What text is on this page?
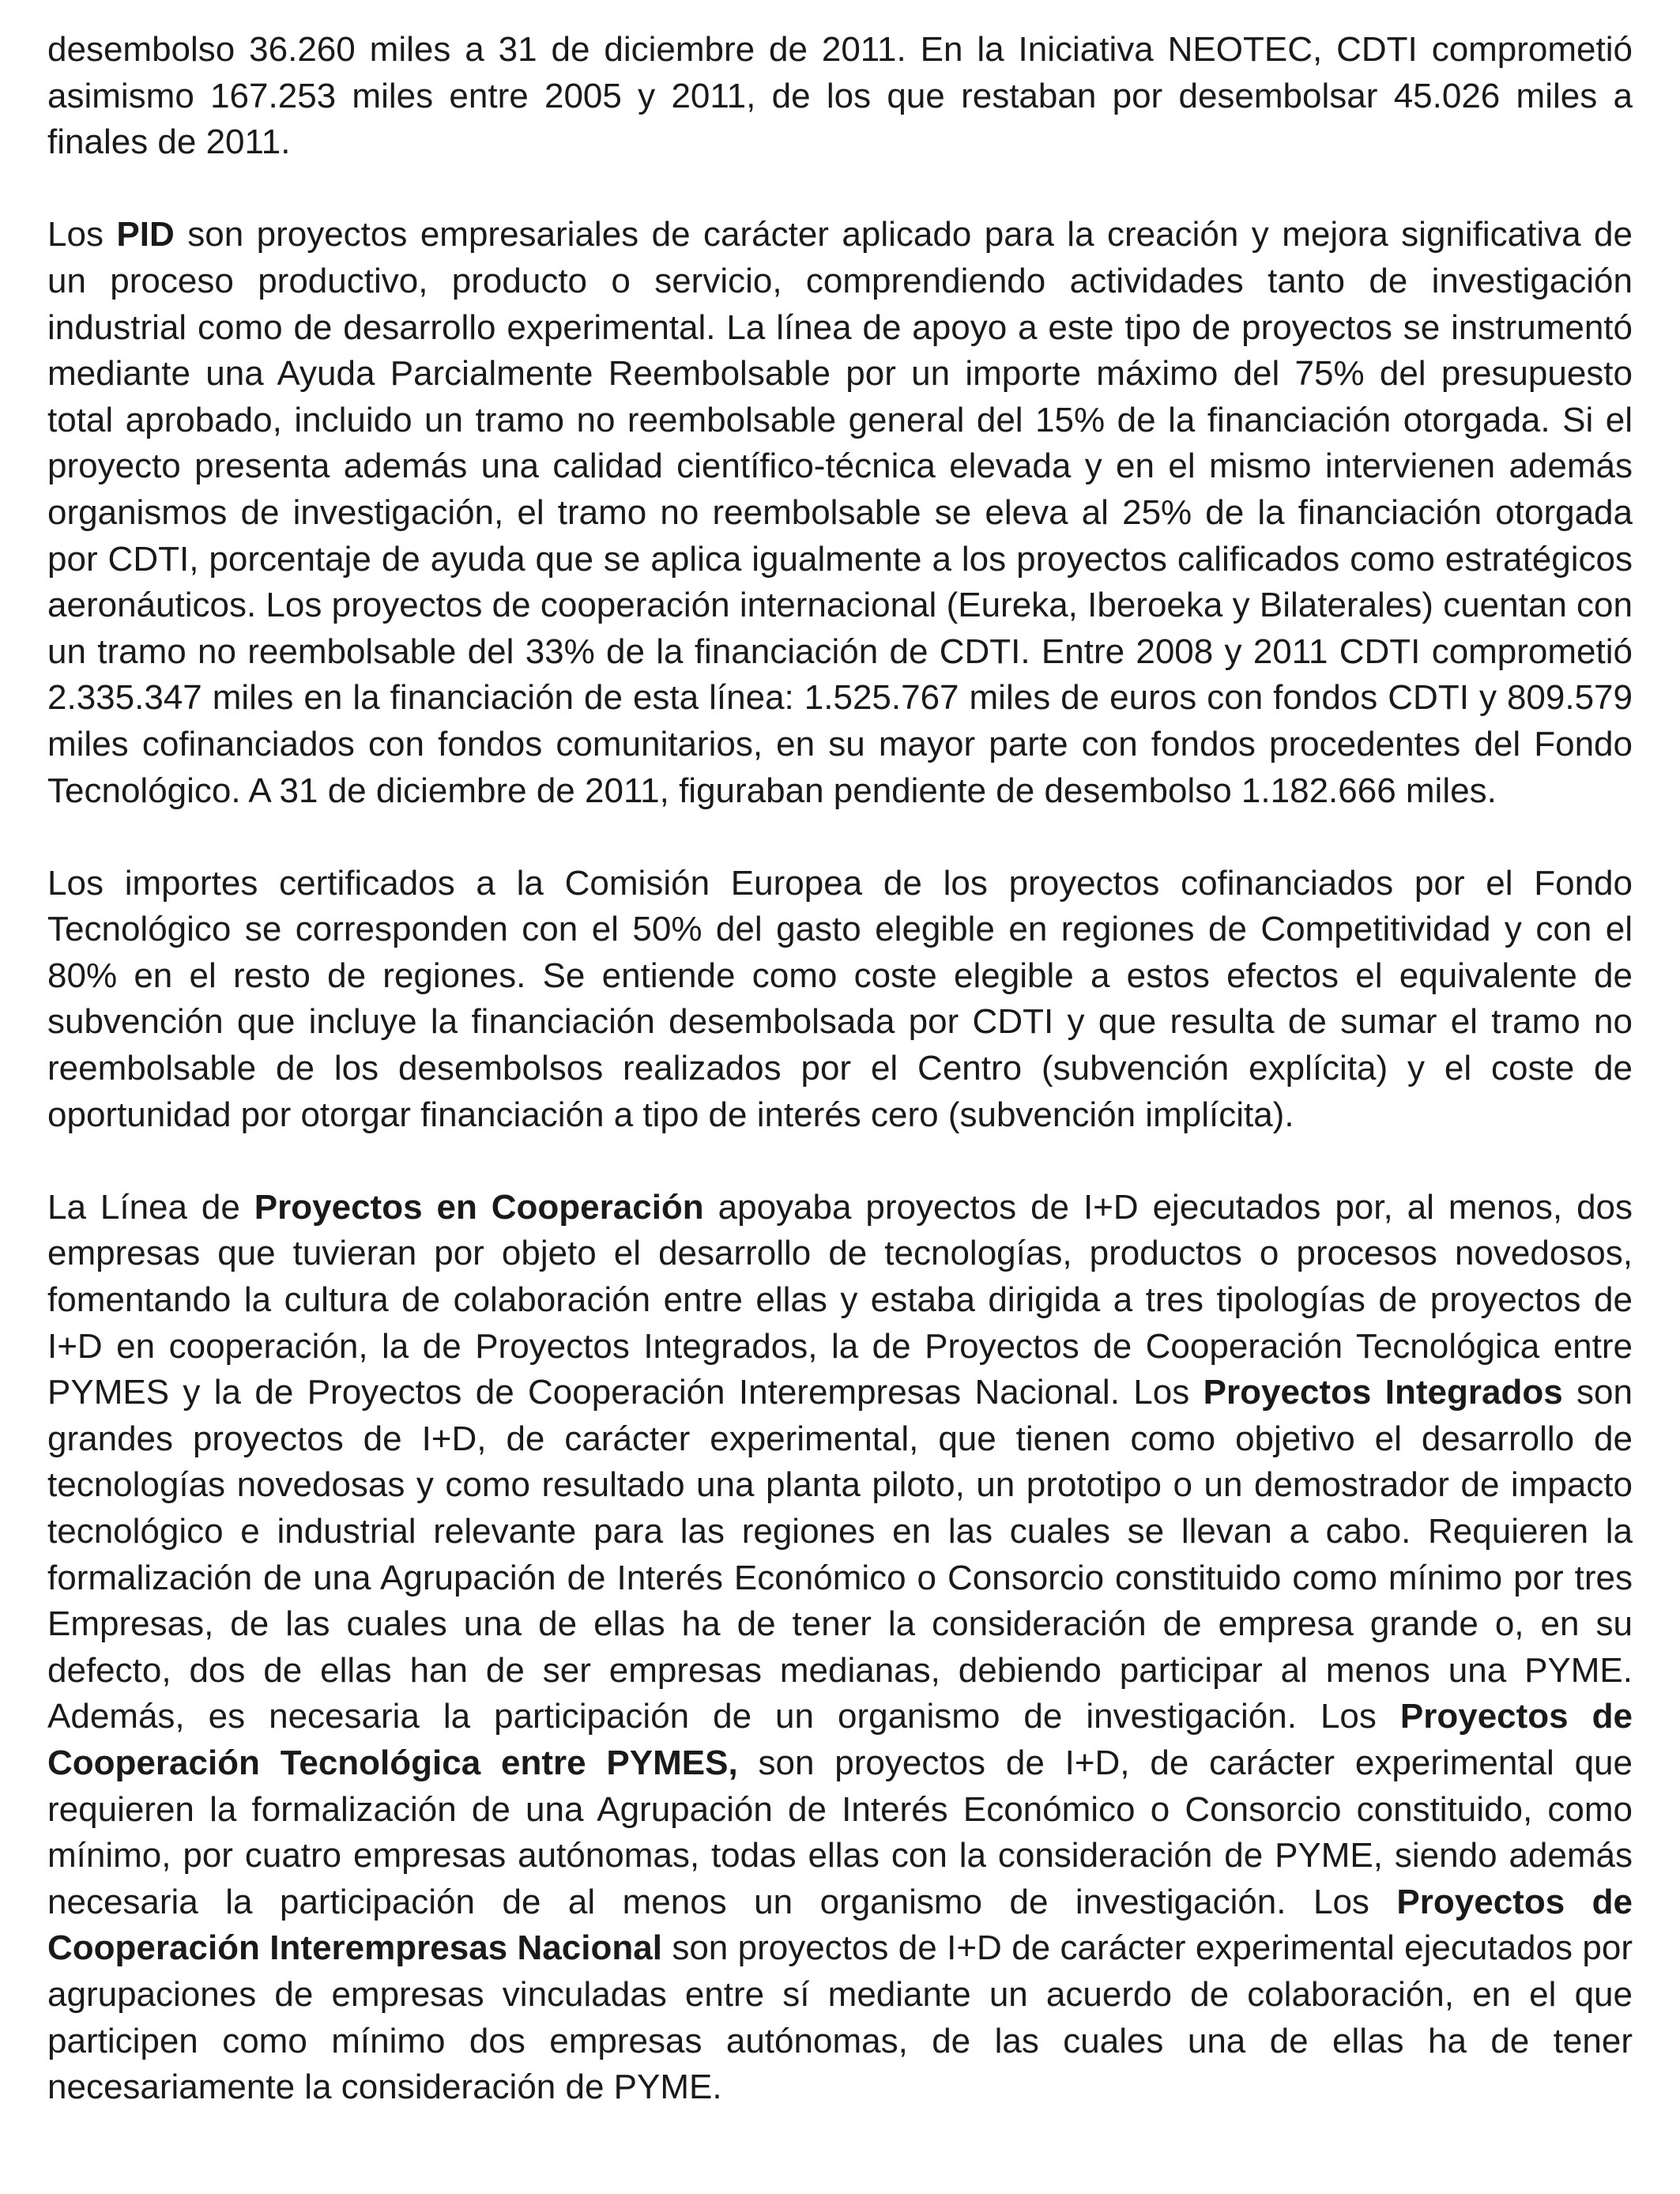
desembolso 36.260 miles a 31 de diciembre de 2011. En la Iniciativa NEOTEC, CDTI comprometió asimismo 167.253 miles entre 2005 y 2011, de los que restaban por desembolsar 45.026 miles a finales de 2011.

Los PID son proyectos empresariales de carácter aplicado para la creación y mejora significativa de un proceso productivo, producto o servicio, comprendiendo actividades tanto de investigación industrial como de desarrollo experimental. La línea de apoyo a este tipo de proyectos se instrumentó mediante una Ayuda Parcialmente Reembolsable por un importe máximo del 75% del presupuesto total aprobado, incluido un tramo no reembolsable general del 15% de la financiación otorgada. Si el proyecto presenta además una calidad científico-técnica elevada y en el mismo intervienen además organismos de investigación, el tramo no reembolsable se eleva al 25% de la financiación otorgada por CDTI, porcentaje de ayuda que se aplica igualmente a los proyectos calificados como estratégicos aeronáuticos. Los proyectos de cooperación internacional (Eureka, Iberoeka y Bilaterales) cuentan con un tramo no reembolsable del 33% de la financiación de CDTI. Entre 2008 y 2011 CDTI comprometió 2.335.347 miles en la financiación de esta línea: 1.525.767 miles de euros con fondos CDTI y 809.579 miles cofinanciados con fondos comunitarios, en su mayor parte con fondos procedentes del Fondo Tecnológico. A 31 de diciembre de 2011, figuraban pendiente de desembolso 1.182.666 miles.

Los importes certificados a la Comisión Europea de los proyectos cofinanciados por el Fondo Tecnológico se corresponden con el 50% del gasto elegible en regiones de Competitividad y con el 80% en el resto de regiones. Se entiende como coste elegible a estos efectos el equivalente de subvención que incluye la financiación desembolsada por CDTI y que resulta de sumar el tramo no reembolsable de los desembolsos realizados por el Centro (subvención explícita) y el coste de oportunidad por otorgar financiación a tipo de interés cero (subvención implícita).

La Línea de Proyectos en Cooperación apoyaba proyectos de I+D ejecutados por, al menos, dos empresas que tuvieran por objeto el desarrollo de tecnologías, productos o procesos novedosos, fomentando la cultura de colaboración entre ellas y estaba dirigida a tres tipologías de proyectos de I+D en cooperación, la de Proyectos Integrados, la de Proyectos de Cooperación Tecnológica entre PYMES y la de Proyectos de Cooperación Interempresas Nacional. Los Proyectos Integrados son grandes proyectos de I+D, de carácter experimental, que tienen como objetivo el desarrollo de tecnologías novedosas y como resultado una planta piloto, un prototipo o un demostrador de impacto tecnológico e industrial relevante para las regiones en las cuales se llevan a cabo. Requieren la formalización de una Agrupación de Interés Económico o Consorcio constituido como mínimo por tres Empresas, de las cuales una de ellas ha de tener la consideración de empresa grande o, en su defecto, dos de ellas han de ser empresas medianas, debiendo participar al menos una PYME. Además, es necesaria la participación de un organismo de investigación. Los Proyectos de Cooperación Tecnológica entre PYMES, son proyectos de I+D, de carácter experimental que requieren la formalización de una Agrupación de Interés Económico o Consorcio constituido, como mínimo, por cuatro empresas autónomas, todas ellas con la consideración de PYME, siendo además necesaria la participación de al menos un organismo de investigación. Los Proyectos de Cooperación Interempresas Nacional son proyectos de I+D de carácter experimental ejecutados por agrupaciones de empresas vinculadas entre sí mediante un acuerdo de colaboración, en el que participen como mínimo dos empresas autónomas, de las cuales una de ellas ha de tener necesariamente la consideración de PYME.
